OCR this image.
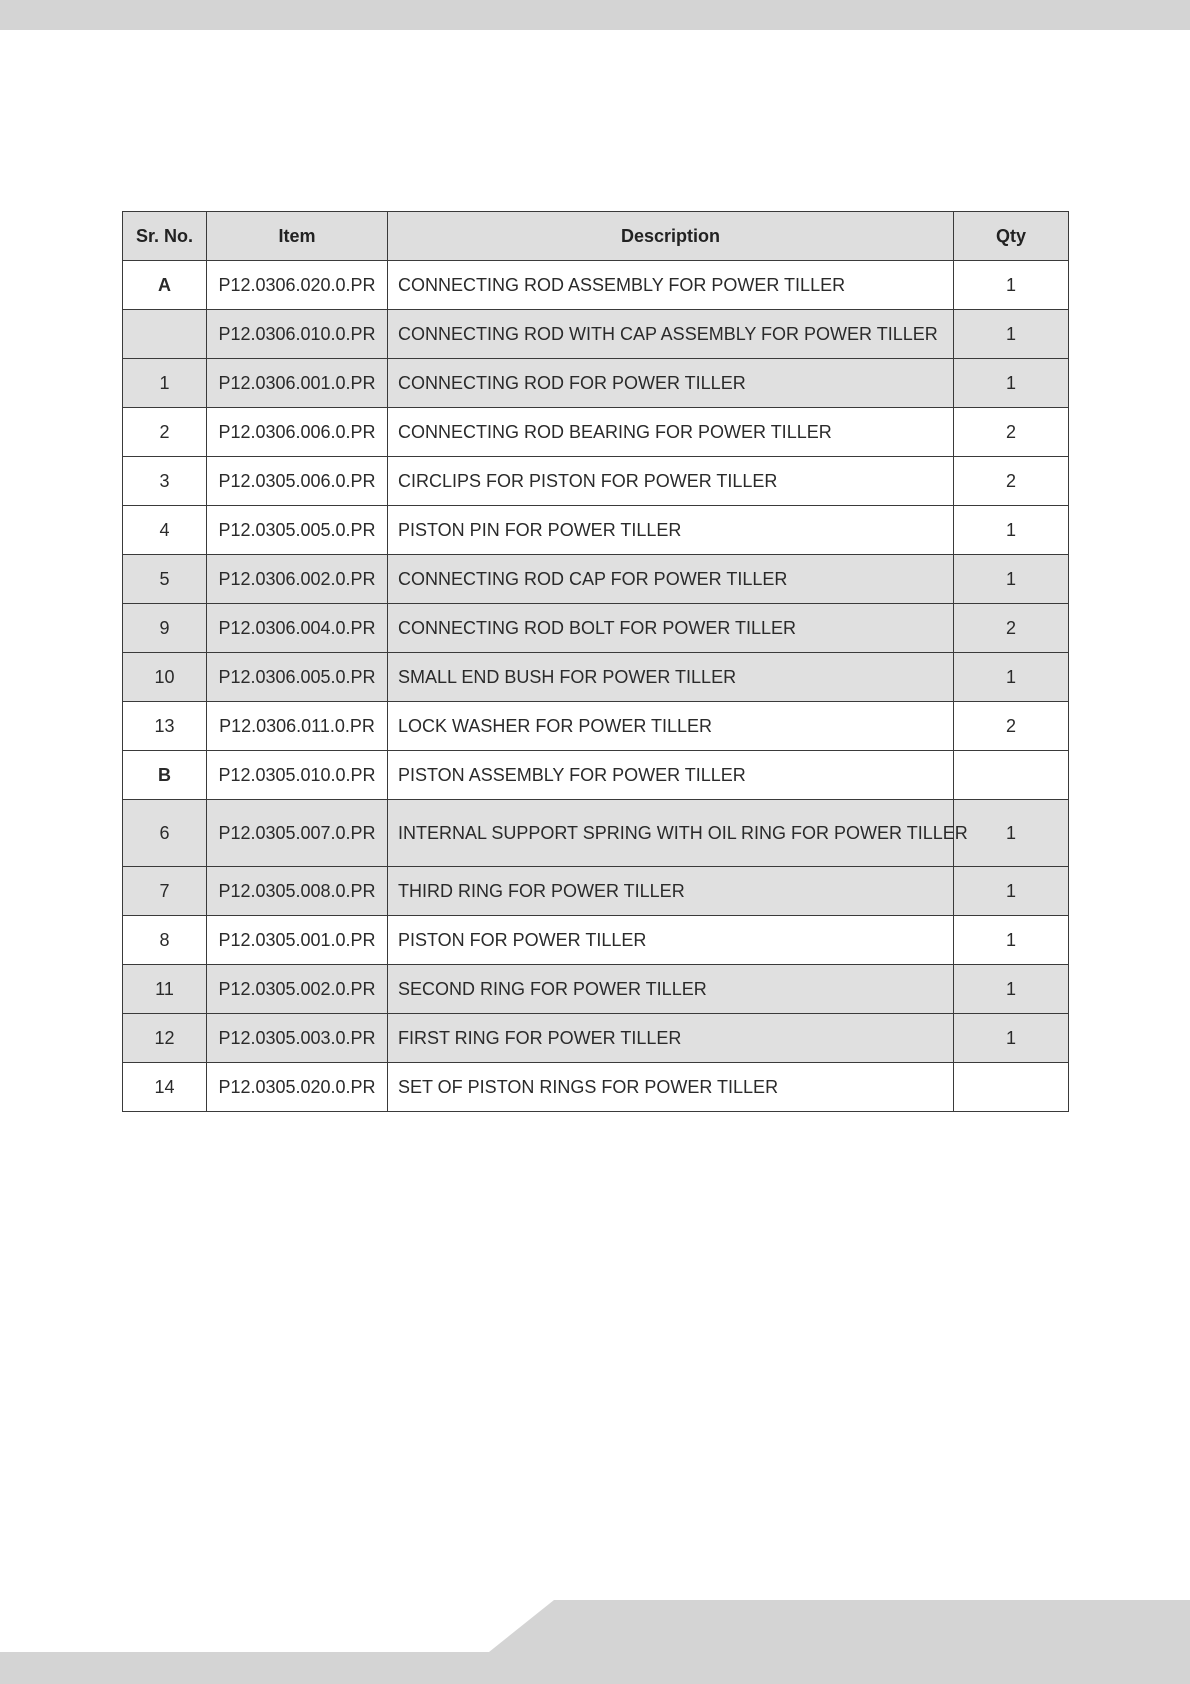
Sr. No.	Item	Description	Qty
A	P12.0306.020.0.PR	CONNECTING ROD ASSEMBLY FOR POWER TILLER	1
	P12.0306.010.0.PR	CONNECTING ROD WITH CAP ASSEMBLY FOR POWER TILLER	1
1	P12.0306.001.0.PR	CONNECTING ROD FOR POWER TILLER	1
2	P12.0306.006.0.PR	CONNECTING ROD BEARING FOR POWER TILLER	2
3	P12.0305.006.0.PR	CIRCLIPS FOR PISTON FOR POWER TILLER	2
4	P12.0305.005.0.PR	PISTON PIN FOR POWER TILLER	1
5	P12.0306.002.0.PR	CONNECTING ROD CAP FOR POWER TILLER	1
9	P12.0306.004.0.PR	CONNECTING ROD BOLT FOR POWER TILLER	2
10	P12.0306.005.0.PR	SMALL END BUSH FOR POWER TILLER	1
13	P12.0306.011.0.PR	LOCK WASHER FOR POWER TILLER	2
B	P12.0305.010.0.PR	PISTON ASSEMBLY FOR POWER TILLER	
6	P12.0305.007.0.PR	INTERNAL SUPPORT SPRING WITH OIL RING FOR POWER TILLER	1
7	P12.0305.008.0.PR	THIRD RING FOR POWER TILLER	1
8	P12.0305.001.0.PR	PISTON FOR POWER TILLER	1
11	P12.0305.002.0.PR	SECOND RING FOR POWER TILLER	1
12	P12.0305.003.0.PR	FIRST RING FOR POWER TILLER	1
14	P12.0305.020.0.PR	SET OF PISTON RINGS FOR POWER TILLER	
